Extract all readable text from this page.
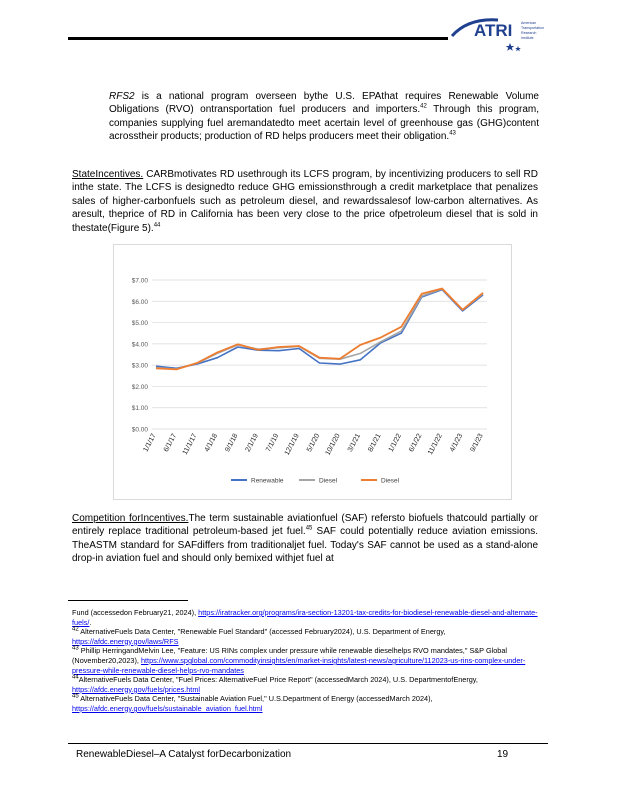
ATRI American
Transportation
Research
Institute
RFS2 is a national program overseen bythe U.S. EPAthat requires Renewable Volume Obligations (RVO) ontransportation fuel producers and importers.$^{42}$ Through this program, companies supplying fuel aremandatedto meet acertain level of greenhouse gas (GHG)content acrosstheir products; production of RD helps producers meet their obligation.$^{43}$
StateIncentives. CARBmotivates RD usethrough its LCFS program, by incentivizing producers to sell RD inthe state. The LCFS is designedto reduce GHG emissionsthrough a credit marketplace that penalizes sales of higher-carbonfuels such as petroleum diesel, and rewardssalesof low-carbon alternatives. As aresult, theprice of RD in California has been very close to the price ofpetroleum diesel that is sold in thestate(Figure 5).$^{44}$

$0.00
$1.00
$2.00
$3.00
$4.00
$5.00
$6.00
$7.00
1/1/17 6/1/17 11/1/17 4/1/18 9/1/18 2/1/19 7/1/19 12/1/19 5/1/20 10/1/20 3/1/21 8/1/21 1/1/22 6/1/22 11/1/22 4/1/23 9/1/23
Renewable	Diesel	Diesel
Competition forIncentives.The term sustainable aviationfuel (SAF) refersto biofuels thatcould partially or entirely replace traditional petroleum-based jet fuel.$^{45}$ SAF could potentially reduce aviation emissions. TheASTM standard for SAFdiffers from traditionaljet fuel. Today's SAF cannot be used as a stand-alone drop-in aviation fuel and should only bemixed withjet fuel at
Fund (accessedon February21, 2024), https://iratracker.org/programs/ira-section-13201-tax-credits-for-biodiesel-renewable-diesel-and-alternate-fuels/.
$^{42}$ AlternativeFuels Data Center, "Renewable Fuel Standard" (accessed February2024), U.S. Department of Energy, https://afdc.energy.gov/laws/RFS
$^{43}$ Phillip HerringandMelvin Lee, "Feature: US RINs complex under pressure while renewable dieselhelps RVO mandates," S&P Global (November20,2023), https://www.spglobal.com/commodityinsights/en/market-insights/latest-news/agriculture/112023-us-rins-complex-under-pressure-while-renewable-diesel-helps-rvo-mandates
$^{44}$AlternativeFuels Data Center, "Fuel Prices: AlternativeFuel Price Report" (accessedMarch 2024), U.S. DepartmentofEnergy, https://afdc.energy.gov/fuels/prices.html
$^{45}$ AlternativeFuels Data Center, "Sustainable Aviation Fuel," U.S.Department of Energy (accessedMarch 2024), https://afdc.energy.gov/fuels/sustainable_aviation_fuel.html
RenewableDiesel–A Catalyst forDecarbonization	19
